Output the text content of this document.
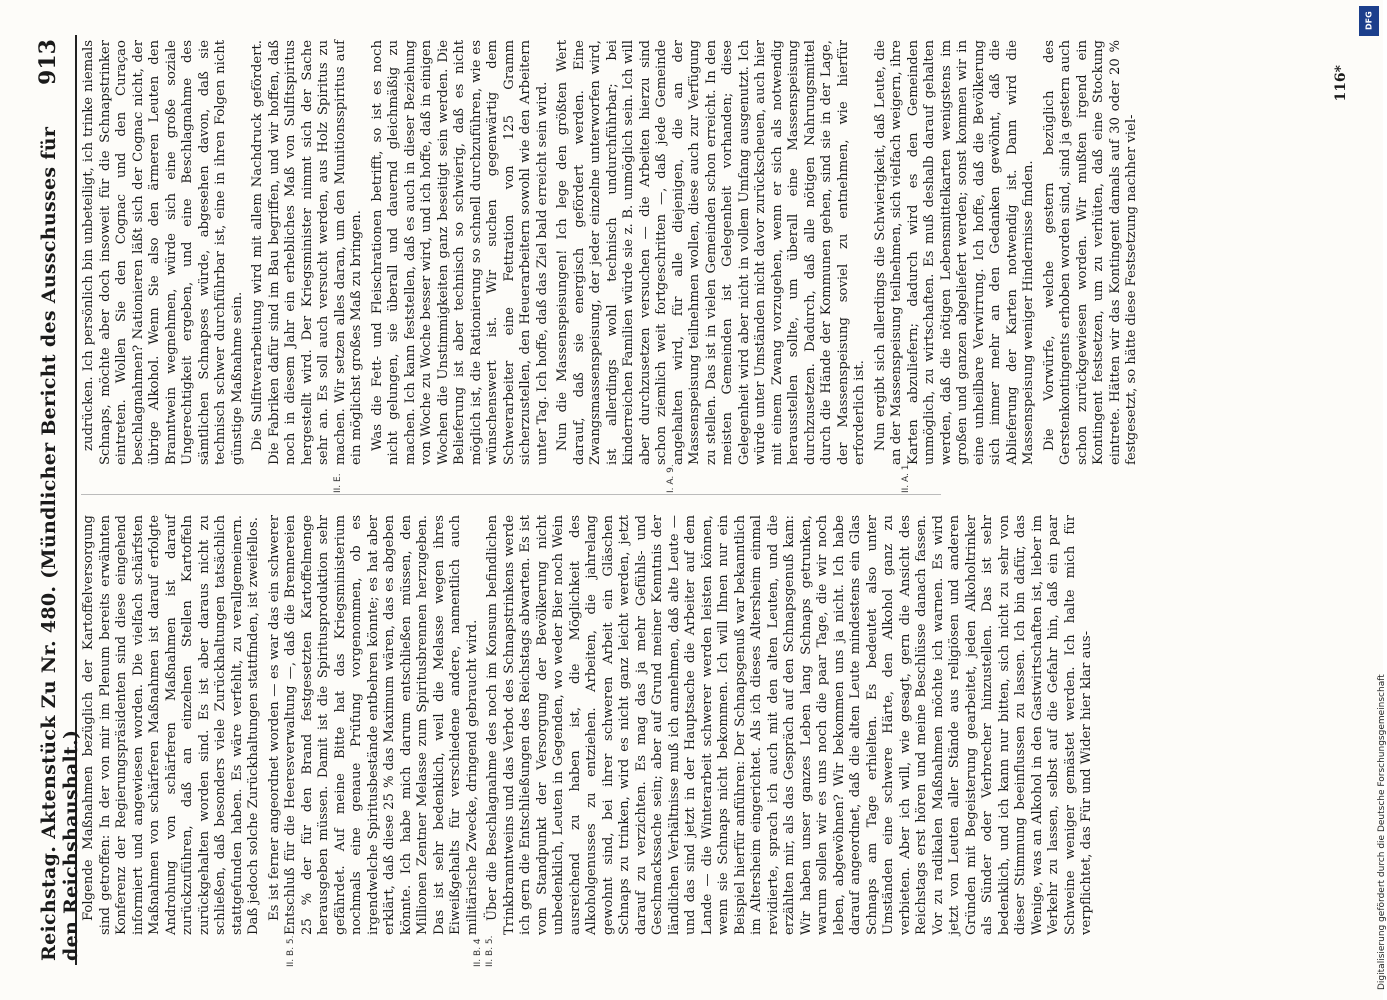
Reichstag. Aktenstück Zu Nr. 480. (Mündlicher Bericht des Ausschusses für den Reichshaushalt.)
913
II. B. 5.	II. B. 4 II. B. 5.
II. E.	I. A. 9.	II. A. 1

Folgende Maßnahmen bezüglich der Kartoffelversorgung sind getroffen: In der von mir im Plenum bereits erwähnten Konferenz der Regierungspräsidenten sind diese eingehend informiert und angewiesen worden. Die vielfach schärfsten Maßnahmen von schärferen Maßnahmen ist darauf erfolgte Androhung von schärferen Maßnahmen ist darauf zurückzuführen, daß an einzelnen Stellen Kartoffeln zurückgehalten worden sind. Es ist aber daraus nicht zu schließen, daß besonders viele Zurückhaltungen tatsächlich stattgefunden haben. Es wäre verfehlt, zu verallgemeinern. Daß jedoch solche Zurückhaltungen stattfinden, ist zweifellos. Es ist ferner angeordnet worden — es war das ein schwerer Entschluß für die Heeresverwaltung —, daß die Brennereien 25 % der für den Brand festgesetzten Kartoffelmenge herausgeben müssen. Damit ist die Spiritusproduktion sehr gefährdet. Auf meine Bitte hat das Kriegsministerium nochmals eine genaue Prüfung vorgenommen, ob es irgendwelche Spiritusbestände entbehren könnte; es hat aber erklärt, daß diese 25 % das Maximum wären, das es abgeben könnte. Ich habe mich darum entschließen müssen, den Millionen Zentner Melasse zum Spiritusbrennen herzugeben. Das ist sehr bedenklich, weil die Melasse wegen ihres Eiweißgehalts für verschiedene andere, namentlich auch militärische Zwecke, dringend gebraucht wird. Über die Beschlagnahme des noch im Konsum befindlichen Trinkbranntweins und das Verbot des Schnapstrinkens werde ich gern die Entschließungen des Reichstags abwarten. Es ist vom Standpunkt der Versorgung der Bevölkerung nicht unbedenklich, Leuten in Gegenden, wo weder Bier noch Wein ausreichend zu haben ist, die Möglichkeit des Alkoholgenusses zu entziehen. Arbeiten, die jahrelang gewohnt sind, bei ihrer schweren Arbeit ein Gläschen Schnaps zu trinken, wird es nicht ganz leicht werden, jetzt darauf zu verzichten. Es mag das ja mehr Gefühls- und Geschmackssache sein; aber auf Grund meiner Kenntnis der ländlichen Verhältnisse muß ich annehmen, daß alte Leute — und das sind jetzt in der Hauptsache die Arbeiter auf dem Lande — die Winterarbeit schwerer werden leisten können, wenn sie Schnaps nicht bekommen. Ich will Ihnen nur ein Beispiel hierfür anführen: Der Schnapsgenuß war bekanntlich im Altersheim eingerichtet. Als ich dieses Altersheim einmal revidierte, sprach ich auch mit den alten Leuten, und die erzählten mir, als das Gespräch auf den Schnapsgenuß kam: Wir haben unser ganzes Leben lang Schnaps getrunken, warum sollen wir es uns noch die paar Tage, die wir noch leben, abgewöhnen? Wir bekommen uns ja nicht. Ich habe darauf angeordnet, daß die alten Leute mindestens ein Glas Schnaps am Tage erhielten. Es bedeutet also unter Umständen eine schwere Härte, den Alkohol ganz zu verbieten. Aber ich will, wie gesagt, gern die Ansicht des Reichstags erst hören und meine Beschlüsse danach fassen. Vor zu radikalen Maßnahmen möchte ich warnen. Es wird jetzt von Leuten aller Stände aus religiösen und anderen Gründen mit Begeisterung gearbeitet, jeden Alkoholtrinker als Sünder oder Verbrecher hinzustellen. Das ist sehr bedenklich, und ich kann nur bitten, sich nicht zu sehr von dieser Stimmung beeinflussen zu lassen. Ich bin dafür, das Wenige, was an Alkohol in den Gastwirtschaften ist, lieber im Verkehr zu lassen, selbst auf die Gefahr hin, daß ein paar Schweine weniger gemästet werden. Ich halte mich für verpflichtet, das Für und Wider hier klar aus-

zudrücken. Ich persönlich bin unbeteiligt, ich trinke niemals Schnaps, möchte aber doch insoweit für die Schnapstrinker eintreten. Wollen Sie den Cognac und den Curaçao beschlagnahmen? Nationieren läßt sich der Cognac nicht, der übrige Alkohol. Wenn Sie also den ärmeren Leuten den Branntwein wegnehmen, würde sich eine große soziale Ungerechtigkeit ergeben, und eine Beschlagnahme des sämtlichen Schnapses würde, abgesehen davon, daß sie technisch schwer durchführbar ist, eine in ihren Folgen nicht günstige Maßnahme sein. Die Sulfitverarbeitung wird mit allem Nachdruck gefördert. Die Fabriken dafür sind im Bau begriffen, und wir hoffen, daß noch in diesem Jahr ein erhebliches Maß von Sulfitspiritus hergestellt wird. Der Kriegsminister nimmt sich der Sache sehr an. Es soll auch versucht werden, aus Holz Spiritus zu machen. Wir setzen alles daran, um den Munitionsspiritus auf ein möglichst großes Maß zu bringen. Was die Fett- und Fleischrationen betrifft, so ist es noch nicht gelungen, sie überall und dauernd gleichmäßig zu machen. Ich kann feststellen, daß es auch in dieser Beziehung von Woche zu Woche besser wird, und ich hoffe, daß in einigen Wochen die Unstimmigkeiten ganz beseitigt sein werden. Die Belieferung ist aber technisch so schwierig, daß es nicht möglich ist, die Rationierung so schnell durchzuführen, wie es wünschenswert ist. Wir suchen gegenwärtig dem Schwerarbeiter eine Fettration von 125 Gramm sicherzustellen, den Heuerarbeitern sowohl wie den Arbeitern unter Tag. Ich hoffe, daß das Ziel bald erreicht sein wird. Nun die Massenspeisungen! Ich lege den größten Wert darauf, daß sie energisch gefördert werden. Eine Zwangsmassenspeisung, der jeder einzelne unterworfen wird, ist allerdings wohl technisch undurchführbar; bei kinderreichen Familien würde sie z. B. unmöglich sein. Ich will aber durchzusetzen versuchen — die Arbeiten hierzu sind schon ziemlich weit fortgeschritten —, daß jede Gemeinde angehalten wird, für alle diejenigen, die an der Massenspeisung teilnehmen wollen, diese auch zur Verfügung zu stellen. Das ist in vielen Gemeinden schon erreicht. In den meisten Gemeinden ist Gelegenheit vorhanden; diese Gelegenheit wird aber nicht in vollem Umfang ausgenutzt. Ich würde unter Umständen nicht davor zurückscheuen, auch hier mit einem Zwang vorzugehen, wenn er sich als notwendig herausstellen sollte, um überall eine Massenspeisung durchzusetzen. Dadurch, daß alle nötigen Nahrungsmittel durch die Hände der Kommunen gehen, sind sie in der Lage, der Massenspeisung soviel zu entnehmen, wie hierfür erforderlich ist. Nun ergibt sich allerdings die Schwierigkeit, daß Leute, die an der Massenspeisung teilnehmen, sich vielfach weigern, ihre Karten abzuliefern; dadurch wird es den Gemeinden unmöglich, zu wirtschaften. Es muß deshalb darauf gehalten werden, daß die nötigen Lebensmittelkarten wenigstens im großen und ganzen abgeliefert werden; sonst kommen wir in eine unheilbare Verwirrung. Ich hoffe, daß die Bevölkerung sich immer mehr an den Gedanken gewöhnt, daß die Ablieferung der Karten notwendig ist. Dann wird die Massenspeisung weniger Hindernisse finden. Die Vorwürfe, welche gestern bezüglich des Gerstenkontingents erhoben worden sind, sind ja gestern auch schon zurückgewiesen worden. Wir mußten irgend ein Kontingent festsetzen, um zu verhüten, daß eine Stockung eintrete. Hätten wir das Kontingent damals auf 30 oder 20 % festgesetzt, so hätte diese Festsetzung nachher viel-

116*
DFG
Digitalisierung gefördert durch die Deutsche Forschungsgemeinschaft
